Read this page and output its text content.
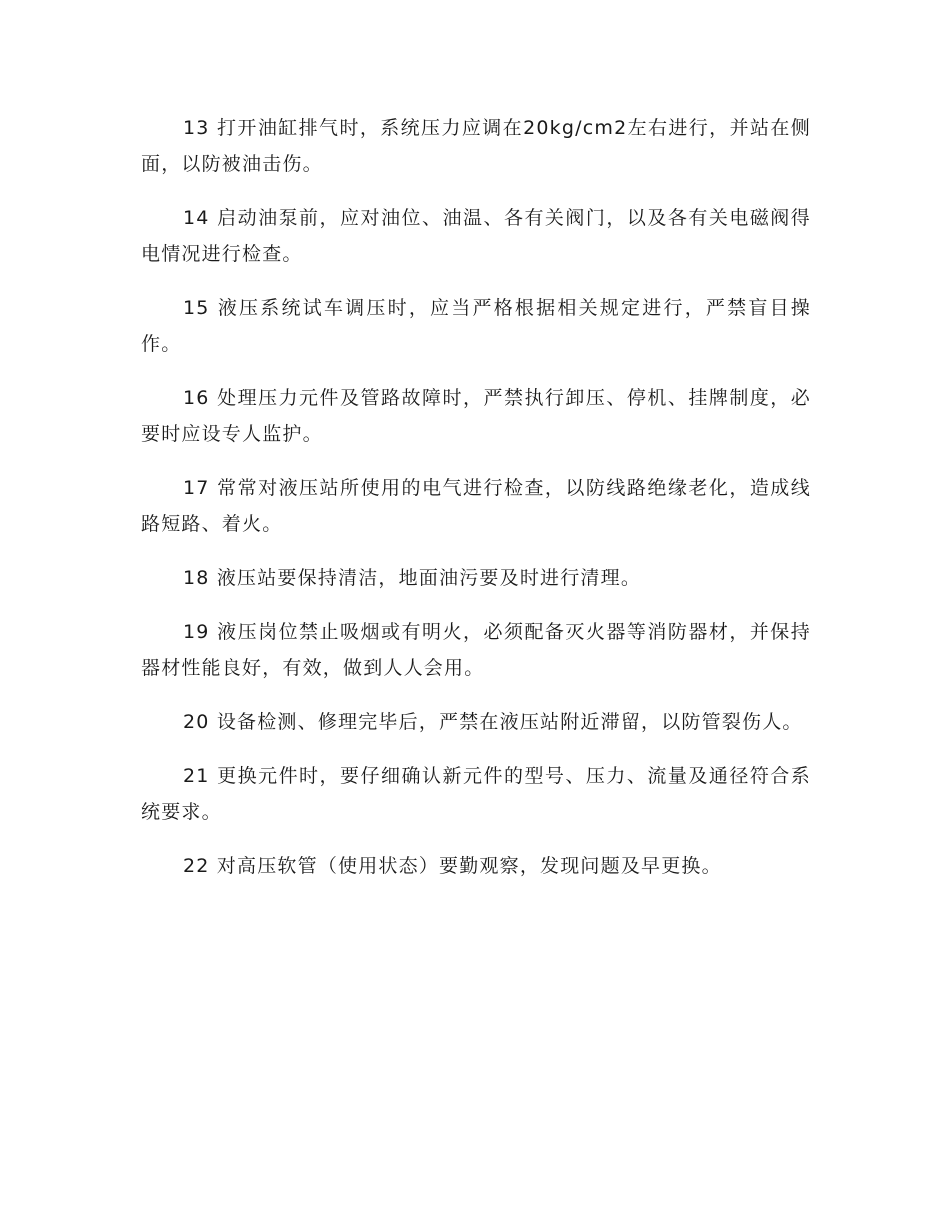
13 打开油缸排气时，系统压力应调在20kg/cm2左右进行，并站在侧面，以防被油击伤。

14 启动油泵前，应对油位、油温、各有关阀门，以及各有关电磁阀得电情况进行检查。

15 液压系统试车调压时，应当严格根据相关规定进行，严禁盲目操作。

16 处理压力元件及管路故障时，严禁执行卸压、停机、挂牌制度，必要时应设专人监护。

17 常常对液压站所使用的电气进行检查，以防线路绝缘老化，造成线路短路、着火。

18 液压站要保持清洁，地面油污要及时进行清理。

19 液压岗位禁止吸烟或有明火，必须配备灭火器等消防器材，并保持器材性能良好，有效，做到人人会用。

20 设备检测、修理完毕后，严禁在液压站附近滞留，以防管裂伤人。

21 更换元件时，要仔细确认新元件的型号、压力、流量及通径符合系统要求。

22 对高压软管（使用状态）要勤观察，发现问题及早更换。
